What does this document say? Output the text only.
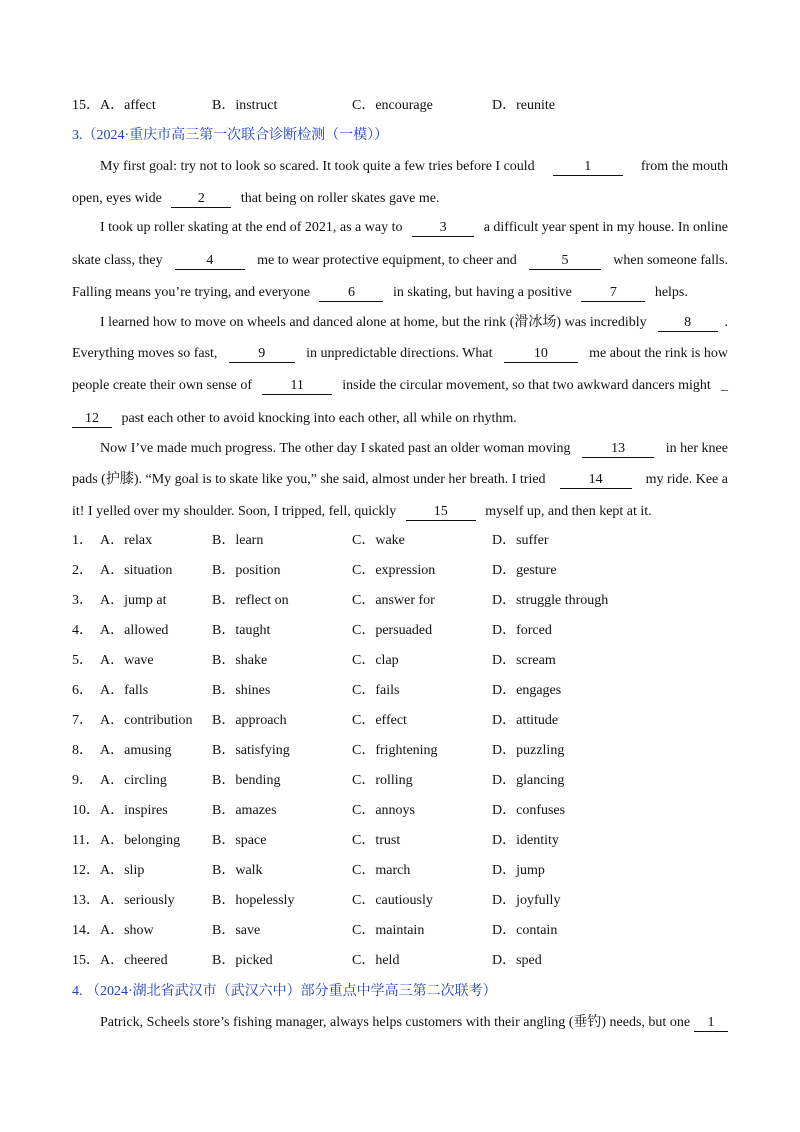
15． A．affect	B．instruct	C．encourage	D．reunite
3.（2024·重庆市高三第一次联合诊断检测（一模））
My first goal: try not to look so scared. It took quite a few tries before I could	1	from the mouth
open, eyes wide	2	that being on roller skates gave me.
I took up roller skating at the end of 2021, as a way to	3	a difficult year spent in my house. In online
skate class, they	4	me to wear protective equipment, to cheer and	5	when someone falls.
Falling means you’re trying, and everyone	6	in skating, but having a positive	7	helps.
I learned how to move on wheels and danced alone at home, but the rink (滑冰场) was incredibly	8	.
Everything moves so fast,	9	in unpredictable directions. What	10	me about the rink is how
people create their own sense of	11	inside the circular movement, so that two awkward dancers might _
12 past each other to avoid knocking into each other, all while on rhythm.
Now I’ve made much progress. The other day I skated past an older woman moving	13	in her knee
pads (护膝). “My goal is to skate like you,” she said, almost under her breath. I tried	14	my ride. Kee a
it! I yelled over my shoulder. Soon, I tripped, fell, quickly	15	myself up, and then kept at it.
1． A．relax	B．learn	C．wake	D．suffer
2． A．situation	B．position	C．expression	D．gesture
3． A．jump at	B．reflect on	C．answer for	D．struggle through
4． A．allowed	B．taught	C．persuaded	D．forced
5． A．wave	B．shake	C．clap	D．scream
6． A．falls	B．shines	C．fails	D．engages
7． A．contribution B．approach	C．effect	D．attitude
8． A．amusing	B．satisfying	C．frightening	D．puzzling
9． A．circling	B．bending	C．rolling	D．glancing
10． A．inspires	B．amazes	C．annoys	D．confuses
11． A．belonging B．space	C．trust	D．identity
12． A．slip	B．walk	C．march	D．jump
13． A．seriously	B．hopelessly	C．cautiously	D．joyfully
14． A．show	B．save	C．maintain	D．contain
15． A．cheered	B．picked	C．held	D．sped
4. （2024·湖北省武汉市（武汉六中）部分重点中学高三第二次联考）
Patrick, Scheels store’s fishing manager, always helps customers with their angling (垂钓) needs, but one	1
